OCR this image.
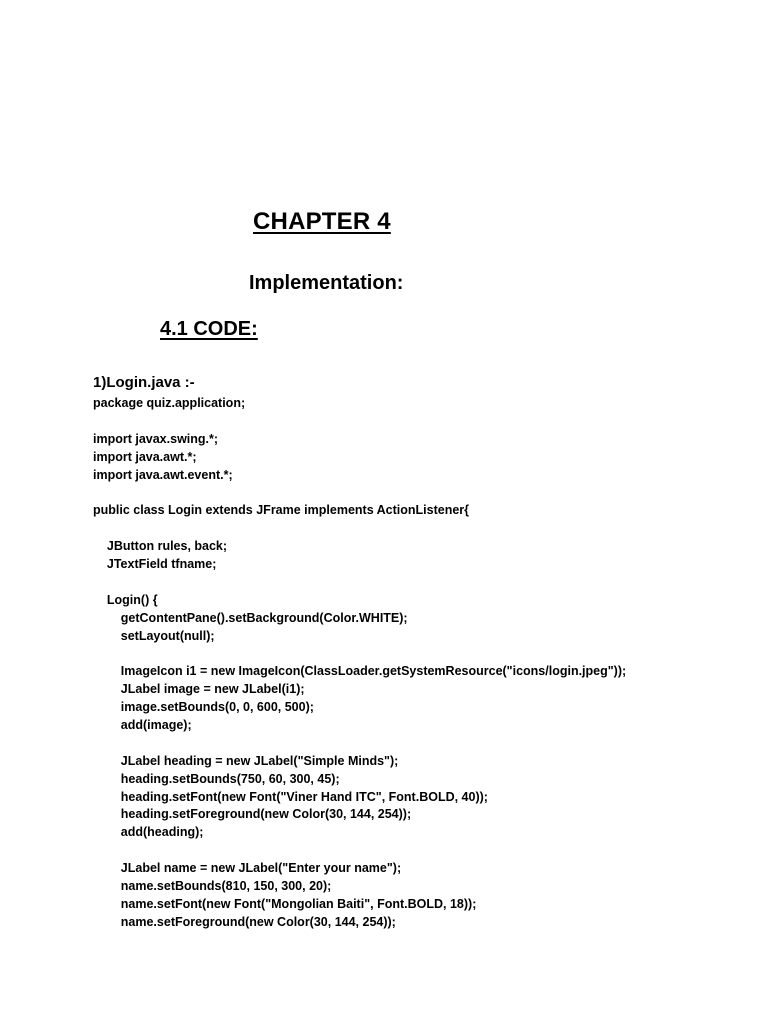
CHAPTER 4
Implementation:
4.1 CODE:
1)Login.java :-
package quiz.application;
import javax.swing.*;
import java.awt.*;
import java.awt.event.*;
public class Login extends JFrame implements ActionListener{
JButton rules, back;
JTextField tfname;
Login() {
getContentPane().setBackground(Color.WHITE);
setLayout(null);
ImageIcon i1 = new ImageIcon(ClassLoader.getSystemResource("icons/login.jpeg"));
JLabel image = new JLabel(i1);
image.setBounds(0, 0, 600, 500);
add(image);
JLabel heading = new JLabel("Simple Minds");
heading.setBounds(750, 60, 300, 45);
heading.setFont(new Font("Viner Hand ITC", Font.BOLD, 40));
heading.setForeground(new Color(30, 144, 254));
add(heading);
JLabel name = new JLabel("Enter your name");
name.setBounds(810, 150, 300, 20);
name.setFont(new Font("Mongolian Baiti", Font.BOLD, 18));
name.setForeground(new Color(30, 144, 254));
